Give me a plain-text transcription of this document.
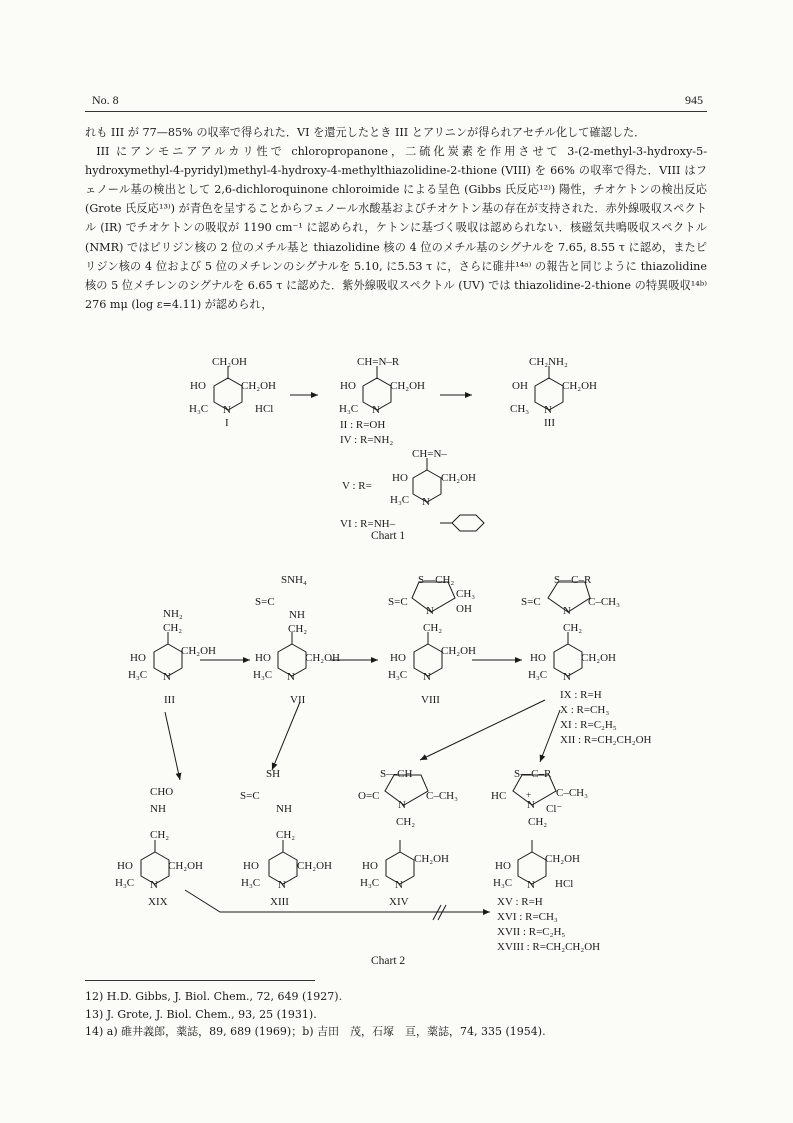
No. 8	945

れも III が 77—85% の収率で得られた．VI を還元したとき III とアリニンが得られアセチル化して確認した．

III にアンモニアアルカリ性で chloropropanone，二硫化炭素を作用させて 3-(2-methyl-3-hydroxy-5-hydroxymethyl-4-pyridyl)methyl-4-hydroxy-4-methylthiazolidine-2-thione (VIII) を 66% の収率で得た．VIII はフェノール基の検出として 2,6-dichloroquinone chloroimide による呈色 (Gibbs 氏反応¹²⁾) 陽性，チオケトンの検出反応 (Grote 氏反応¹³⁾) が青色を呈することからフェノール水酸基およびチオケトン基の存在が支持された．赤外線吸収スペクトル (IR) でチオケトンの吸収が 1190 cm⁻¹ に認められ，ケトンに基づく吸収は認められない．核磁気共鳴吸収スペクトル (NMR) ではピリジン核の 2 位のメチル基と thiazolidine 核の 4 位のメチル基のシグナルを 7.65, 8.55 τ に認め，またピリジン核の 4 位および 5 位のメチレンのシグナルを 5.10, に5.53 τ に，さらに碓井¹⁴ᵃ⁾ の報告と同じように thiazolidine 核の 5 位メチレンのシグナルを 6.65 τ に認めた．紫外線吸収スペクトル (UV) では thiazolidine-2-thione の特異吸収¹⁴ᵇ⁾ 276 mμ (log ε=4.11) が認められ，

CH₂OH
HO	CH₂OH
H₃C N HCl
I
CH=N–R
HO	CH₂OH
H₃C N
II : R=OH
IV : R=NH₂
CH₂NH₂
OH	CH₂OH
CH₃ N
III
CH=N–
HO	CH₂OH
V : R=
H₃C N
VI : R=NH–
NH₂
CH₂
HO
CH₂OH
H₃C N
III
SNH₄
S=C
NH
CH₂
HO	CH₂OH
H₃C N
VII
S—CH₂
CH₃
S=C
N OH
CH₂
HO
CH₂OH
H₃C N
VIII
S—C–R
S=C
N
C–CH₃
CH₂
HO	CH₂OH
H₃C N
IX : R=H
X : R=CH₃
XI : R=C₂H₅
XII : R=CH₂CH₂OH
CHO
NH
CH₂
HO	CH₂OH
H₃C N
XIX
SH
S=C
NH
CH₂
HO	CH₂OH
H₃C N
XIII
S—CH
O=C
N
C–CH₃
CH₂
HO
CH₂OH
H₃C N
XIV
S—C–R
HC
N
+ C–CH₃
Cl⁻
CH₂
HO
CH₂OH
H₃C N HCl
XV : R=H
XVI : R=CH₃
XVII : R=C₂H₅
XVIII : R=CH₂CH₂OH
Chart 1
Chart 2
12) H.D. Gibbs, J. Biol. Chem., 72, 649 (1927).
13) J. Grote, J. Biol. Chem., 93, 25 (1931).
14) a) 碓井義郎，薬誌，89, 689 (1969)；b) 吉田　茂，石塚　亘，薬誌，74, 335 (1954).
